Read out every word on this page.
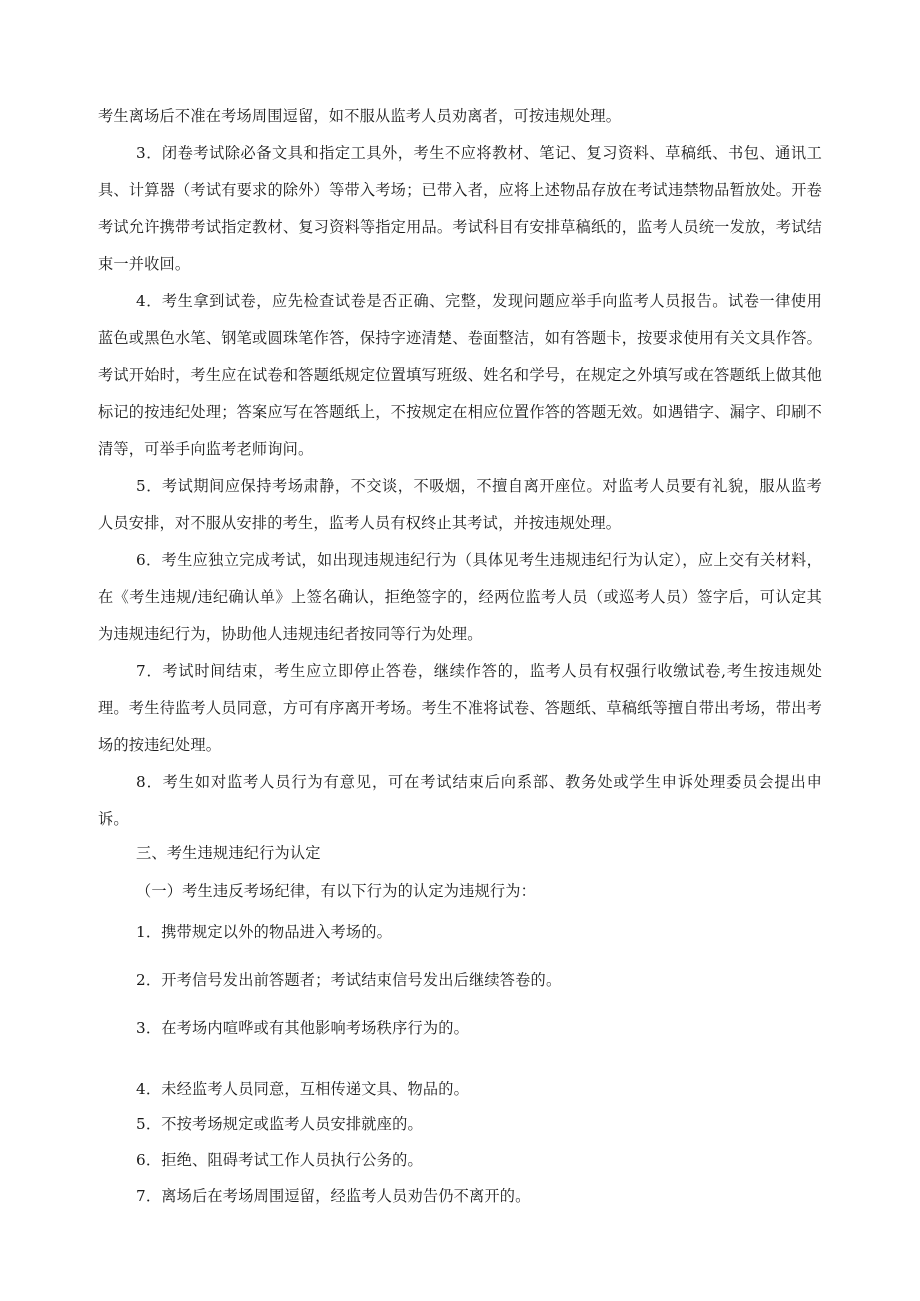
考生离场后不准在考场周围逗留，如不服从监考人员劝离者，可按违规处理。

3．闭卷考试除必备文具和指定工具外，考生不应将教材、笔记、复习资料、草稿纸、书包、通讯工具、计算器（考试有要求的除外）等带入考场；已带入者，应将上述物品存放在考试违禁物品暂放处。开卷考试允许携带考试指定教材、复习资料等指定用品。考试科目有安排草稿纸的，监考人员统一发放，考试结束一并收回。

4．考生拿到试卷，应先检查试卷是否正确、完整，发现问题应举手向监考人员报告。试卷一律使用蓝色或黑色水笔、钢笔或圆珠笔作答，保持字迹清楚、卷面整洁，如有答题卡，按要求使用有关文具作答。考试开始时，考生应在试卷和答题纸规定位置填写班级、姓名和学号，在规定之外填写或在答题纸上做其他标记的按违纪处理；答案应写在答题纸上，不按规定在相应位置作答的答题无效。如遇错字、漏字、印刷不清等，可举手向监考老师询问。

5．考试期间应保持考场肃静，不交谈，不吸烟，不擅自离开座位。对监考人员要有礼貌，服从监考人员安排，对不服从安排的考生，监考人员有权终止其考试，并按违规处理。

6．考生应独立完成考试，如出现违规违纪行为（具体见考生违规违纪行为认定），应上交有关材料，在《考生违规/违纪确认单》上签名确认，拒绝签字的，经两位监考人员（或巡考人员）签字后，可认定其为违规违纪行为，协助他人违规违纪者按同等行为处理。

7．考试时间结束，考生应立即停止答卷，继续作答的，监考人员有权强行收缴试卷,考生按违规处理。考生待监考人员同意，方可有序离开考场。考生不准将试卷、答题纸、草稿纸等擅自带出考场，带出考场的按违纪处理。

8．考生如对监考人员行为有意见，可在考试结束后向系部、教务处或学生申诉处理委员会提出申诉。

三、考生违规违纪行为认定

（一）考生违反考场纪律，有以下行为的认定为违规行为：

1．携带规定以外的物品进入考场的。

2．开考信号发出前答题者；考试结束信号发出后继续答卷的。

3．在考场内喧哗或有其他影响考场秩序行为的。

4．未经监考人员同意，互相传递文具、物品的。

5．不按考场规定或监考人员安排就座的。

6．拒绝、阻碍考试工作人员执行公务的。

7．离场后在考场周围逗留，经监考人员劝告仍不离开的。
